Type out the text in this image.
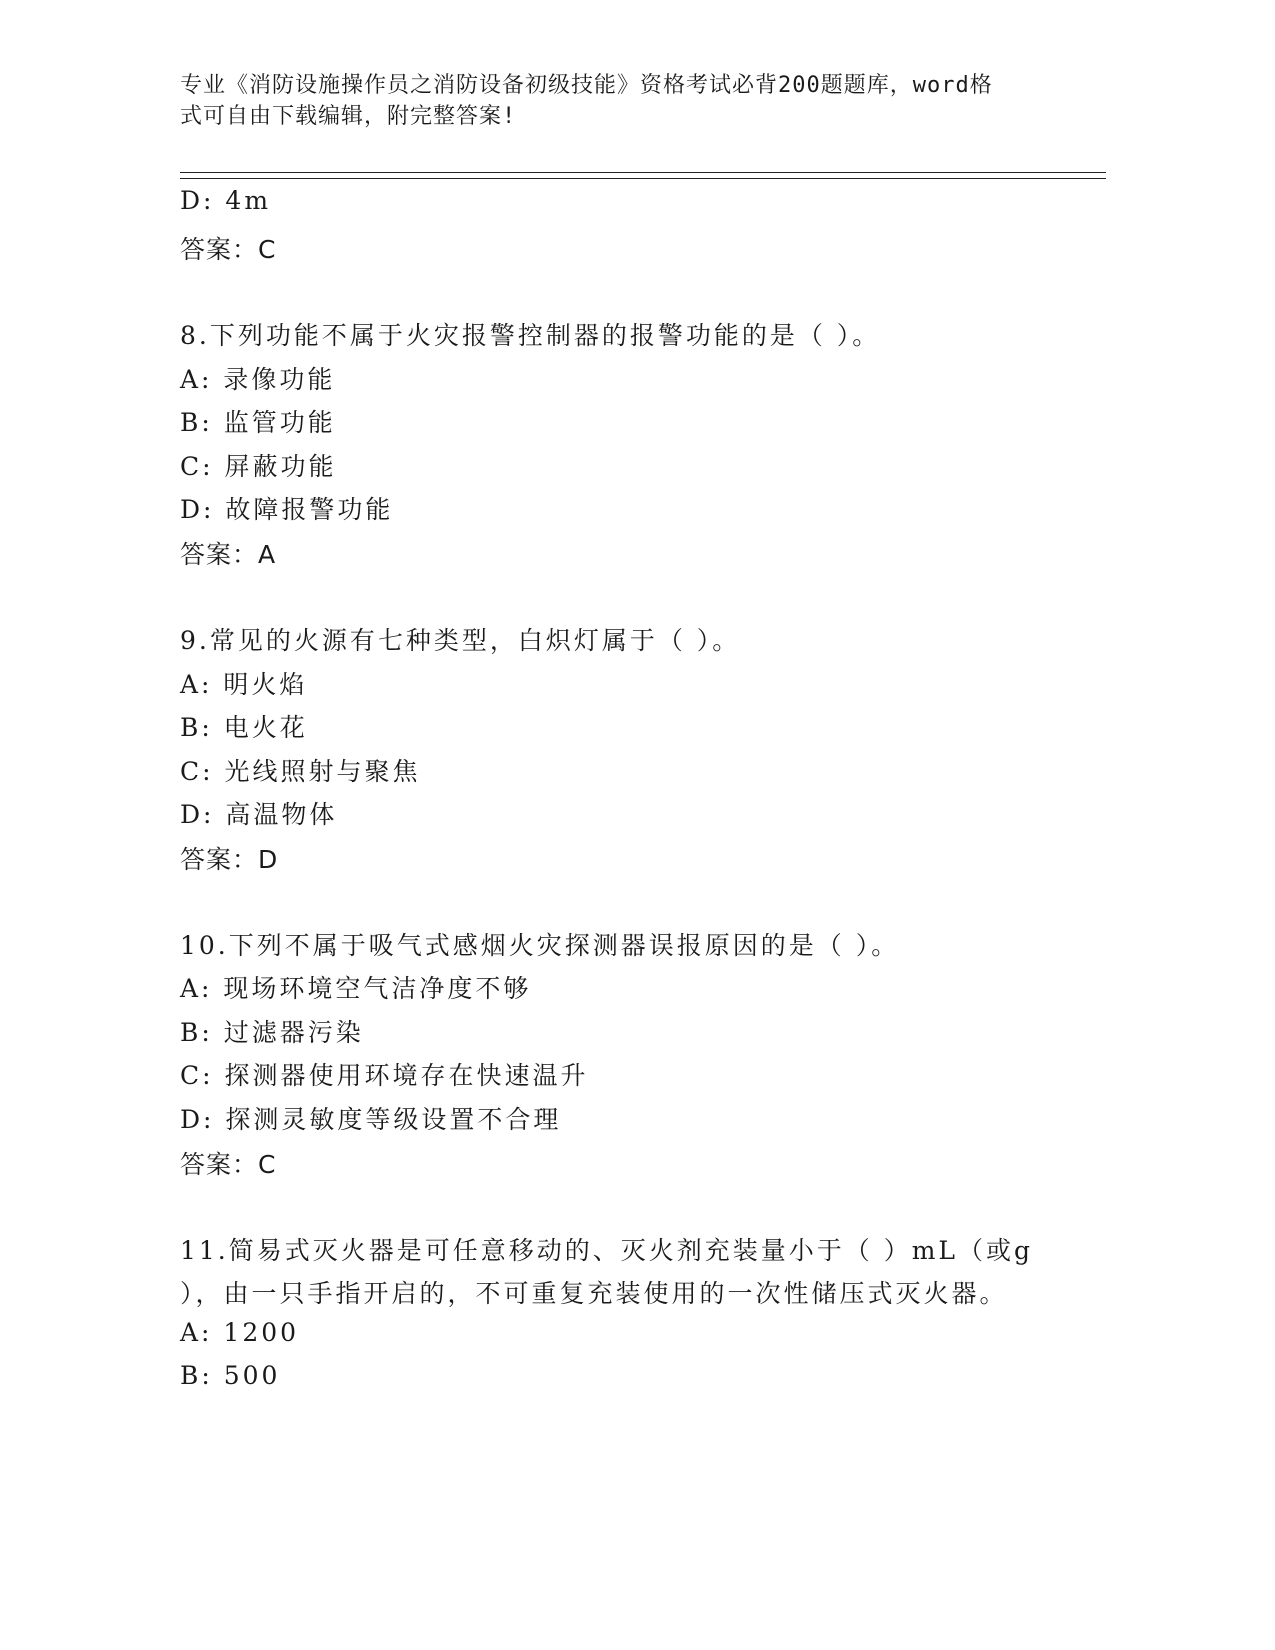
专业《消防设施操作员之消防设备初级技能》资格考试必背200题题库，word格
式可自由下载编辑，附完整答案!
D: 4m
答案：C
8.下列功能不属于火灾报警控制器的报警功能的是（ ）。
A: 录像功能
B: 监管功能
C: 屏蔽功能
D: 故障报警功能
答案：A
9.常见的火源有七种类型，白炽灯属于（ ）。
A: 明火焰
B: 电火花
C: 光线照射与聚焦
D: 高温物体
答案：D
10.下列不属于吸气式感烟火灾探测器误报原因的是（ ）。
A: 现场环境空气洁净度不够
B: 过滤器污染
C: 探测器使用环境存在快速温升
D: 探测灵敏度等级设置不合理
答案：C
11.简易式灭火器是可任意移动的、灭火剂充装量小于（ ）mL（或g
），由一只手指开启的，不可重复充装使用的一次性储压式灭火器。
A: 1200
B: 500
